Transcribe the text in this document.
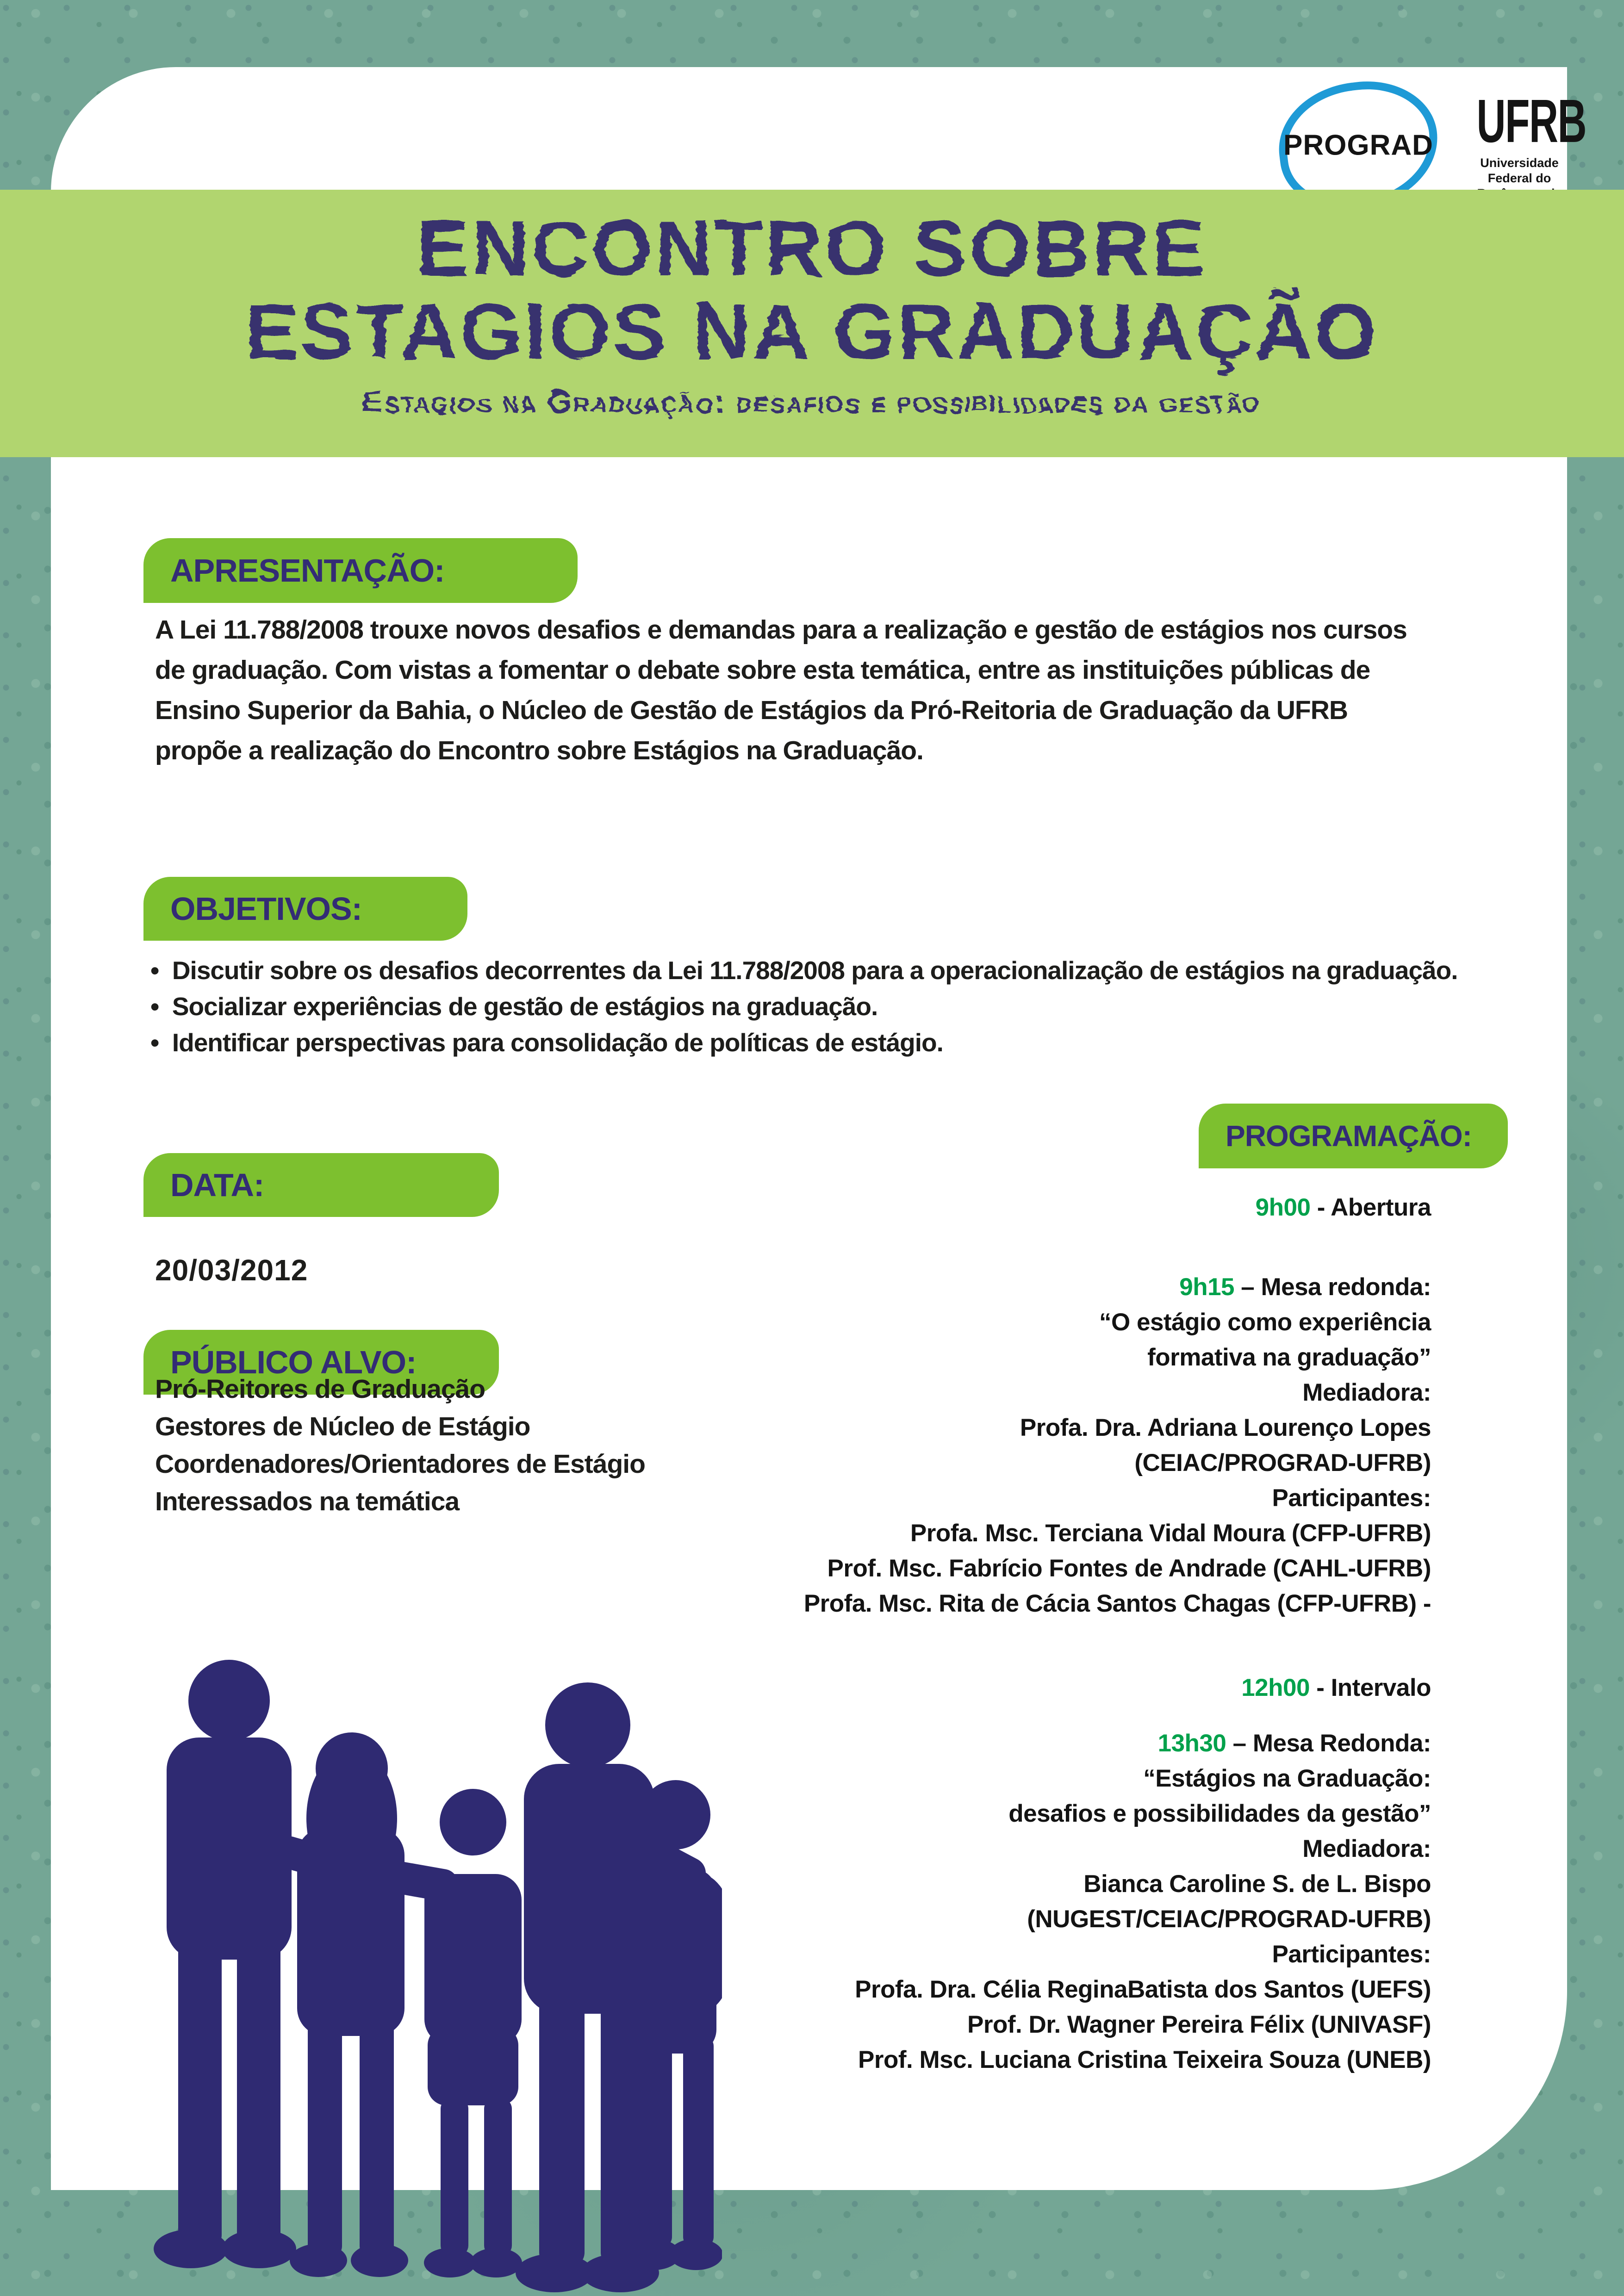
PROGRAD UFRB
Universidade Federal do
ENCONTRO SOBRE
ESTAGIOS NA GRADUAÇÃO
Estagios na Graduação: desafios e possibilidades da gestão
APRESENTAÇÃO:
A Lei 11.788/2008 trouxe novos desafios e demandas para a realização e gestão de estágios nos cursos de graduação. Com vistas a fomentar o debate sobre esta temática, entre as instituições públicas de Ensino Superior da Bahia, o Núcleo de Gestão de Estágios da Pró-Reitoria de Graduação da UFRB propõe a realização do Encontro sobre Estágios na Graduação.
OBJETIVOS:
•  Discutir sobre os desafios decorrentes da Lei 11.788/2008 para a operacionalização de estágios na graduação.
•  Socializar experiências de gestão de estágios na graduação.
•  Identificar perspectivas para consolidação de políticas de estágio.
DATA:
20/03/2012
PÚBLICO ALVO:
Pró-Reitores de Graduação
Gestores de Núcleo de Estágio
Coordenadores/Orientadores de Estágio
Interessados na temática
PROGRAMAÇÃO:
9h00 - Abertura
9h15 – Mesa redonda:
“O estágio como experiência
formativa na graduação”
Mediadora:
Profa. Dra. Adriana Lourenço Lopes
(CEIAC/PROGRAD-UFRB)
Participantes:
Profa. Msc. Terciana Vidal Moura (CFP-UFRB)
Prof. Msc. Fabrício Fontes de Andrade (CAHL-UFRB)
Profa. Msc. Rita de Cácia Santos Chagas (CFP-UFRB) -
12h00 - Intervalo
13h30 – Mesa Redonda:
“Estágios na Graduação:
desafios e possibilidades da gestão”
Mediadora:
Bianca Caroline S. de L. Bispo
(NUGEST/CEIAC/PROGRAD-UFRB)
Participantes:
Profa. Dra. Célia ReginaBatista dos Santos (UEFS)
Prof. Dr. Wagner Pereira Félix (UNIVASF)
Prof. Msc. Luciana Cristina Teixeira Souza (UNEB)
